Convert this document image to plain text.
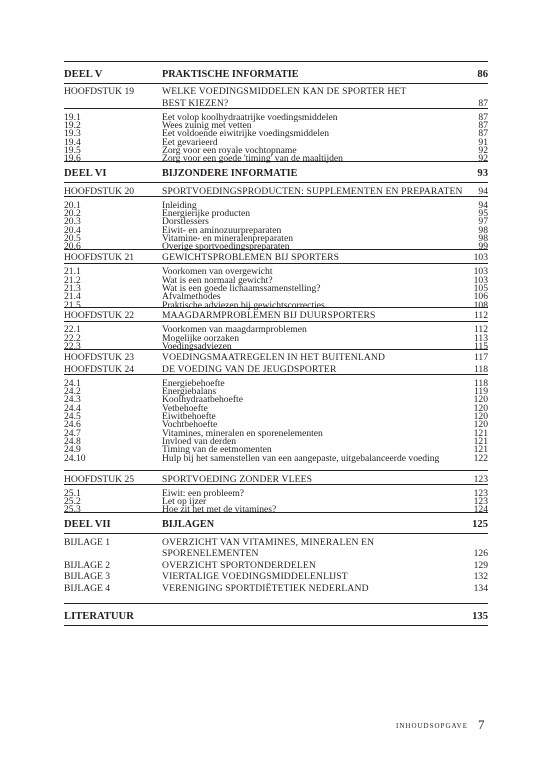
DEEL V	PRAKTISCHE INFORMATIE	86
HOOFDSTUK 19	WELKE VOEDINGSMIDDELEN KAN DE SPORTER HET
BEST KIEZEN?	87
19.1	Eet volop koolhydraatrijke voedingsmiddelen	87
19.2	Wees zuinig met vetten	87
19.3	Eet voldoende eiwitrijke voedingsmiddelen	87
19.4	Eet gevarieerd	91
19.5	Zorg voor een royale vochtopname	92
19.6	Zorg voor een goede 'timing' van de maaltijden	92
DEEL VI	BIJZONDERE INFORMATIE	93
HOOFDSTUK 20	SPORTVOEDINGSPRODUCTEN: SUPPLEMENTEN EN PREPARATEN 94
20.1	Inleiding	94
20.2	Energierijke producten	95
20.3	Dorstlessers	97
20.4	Eiwit- en aminozuurpreparaten	98
20.5	Vitamine- en mineralenpreparaten	98
20.6	Overige sportvoedingspreparaten	99
HOOFDSTUK 21	GEWICHTSPROBLEMEN BIJ SPORTERS	103
21.1	Voorkomen van overgewicht	103
21.2	Wat is een normaal gewicht?	103
21.3	Wat is een goede lichaamssamenstelling?	105
21.4	Afvalmethodes	106
21.5	Praktische adviezen bij gewichtscorrecties	108
HOOFDSTUK 22	MAAGDARMPROBLEMEN BIJ DUURSPORTERS	112
22.1	Voorkomen van maagdarmproblemen	112
22.2	Mogelijke oorzaken	113
22.3	Voedingsadviezen	115
HOOFDSTUK 23	VOEDINGSMAATREGELEN IN HET BUITENLAND	117
HOOFDSTUK 24	DE VOEDING VAN DE JEUGDSPORTER	118
24.1	Energiebehoefte	118
24.2	Energiebalans	119
24.3	Koolhydraatbehoefte	120
24.4	Vetbehoefte	120
24.5	Eiwitbehoefte	120
24.6	Vochtbehoefte	120
24.7	Vitamines, mineralen en sporenelementen	121
24.8	Invloed van derden	121
24.9	Timing van de eetmomenten	121
24.10	Hulp bij het samenstellen van een aangepaste, uitgebalanceerde voeding	122
HOOFDSTUK 25	SPORTVOEDING ZONDER VLEES	123
25.1	Eiwit: een probleem?	123
25.2	Let op ijzer	123
25.3	Hoe zit het met de vitamines?	124
DEEL VII	BIJLAGEN	125
BIJLAGE 1	OVERZICHT VAN VITAMINES, MINERALEN EN
SPORENELEMENTEN	126
BIJLAGE 2	OVERZICHT SPORTONDERDELEN	129
BIJLAGE 3	VIERTALIGE VOEDINGSMIDDELENLIJST	132
BIJLAGE 4	VERENIGING SPORTDIËTETIEK NEDERLAND	134
LITERATUUR	135
INHOUDSOPGAVE 7
